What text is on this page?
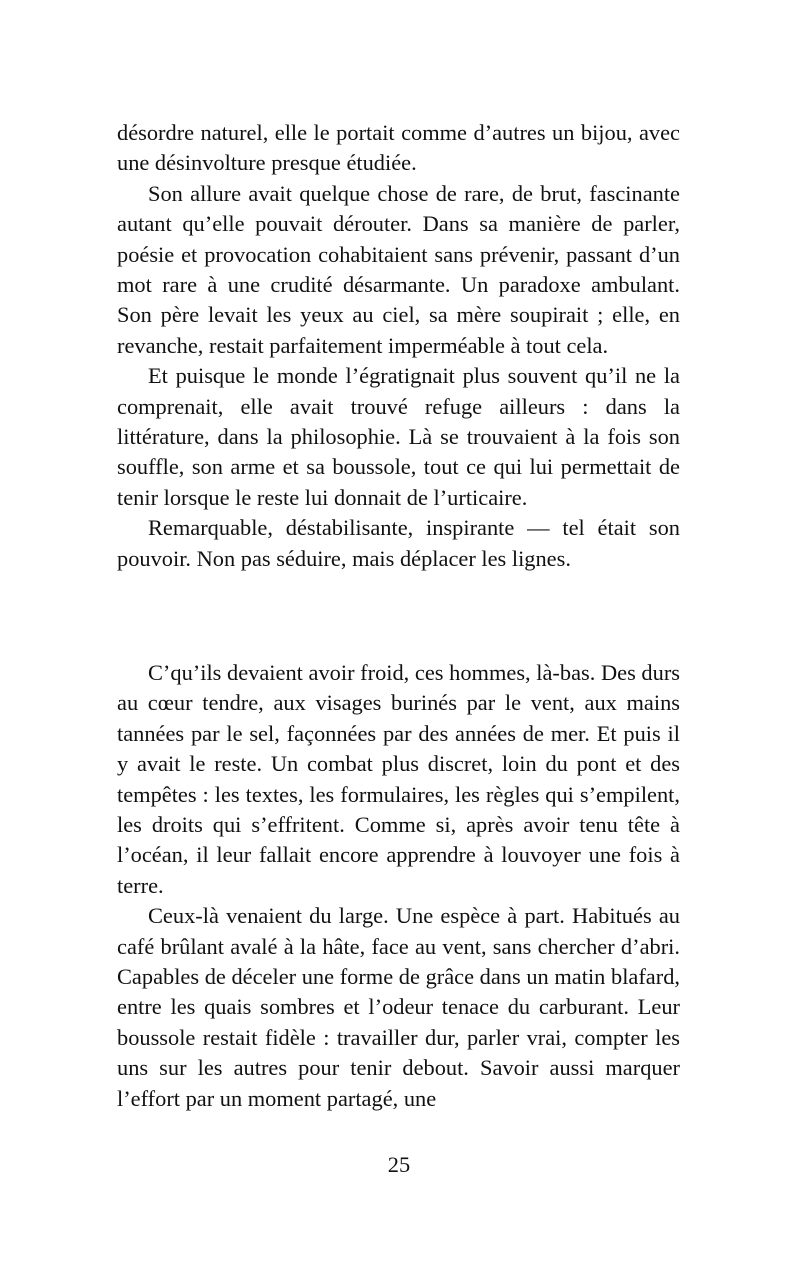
désordre naturel, elle le portait comme d’autres un bijou, avec une désinvolture presque étudiée.

Son allure avait quelque chose de rare, de brut, fascinante autant qu’elle pouvait dérouter. Dans sa manière de parler, poésie et provocation cohabitaient sans prévenir, passant d’un mot rare à une crudité désarmante. Un paradoxe ambulant. Son père levait les yeux au ciel, sa mère soupirait ; elle, en revanche, restait parfaitement imperméable à tout cela.

Et puisque le monde l’égratignait plus souvent qu’il ne la comprenait, elle avait trouvé refuge ailleurs : dans la littérature, dans la philosophie. Là se trouvaient à la fois son souffle, son arme et sa boussole, tout ce qui lui permettait de tenir lorsque le reste lui donnait de l’urticaire.

Remarquable, déstabilisante, inspirante — tel était son pouvoir. Non pas séduire, mais déplacer les lignes.

C’qu’ils devaient avoir froid, ces hommes, là-bas. Des durs au cœur tendre, aux visages burinés par le vent, aux mains tannées par le sel, façonnées par des années de mer. Et puis il y avait le reste. Un combat plus discret, loin du pont et des tempêtes : les textes, les formulaires, les règles qui s’empilent, les droits qui s’effritent. Comme si, après avoir tenu tête à l’océan, il leur fallait encore apprendre à louvoyer une fois à terre.

Ceux-là venaient du large. Une espèce à part. Habitués au café brûlant avalé à la hâte, face au vent, sans chercher d’abri. Capables de déceler une forme de grâce dans un matin blafard, entre les quais sombres et l’odeur tenace du carburant. Leur boussole restait fidèle : travailler dur, parler vrai, compter les uns sur les autres pour tenir debout. Savoir aussi marquer l’effort par un moment partagé, une

25
